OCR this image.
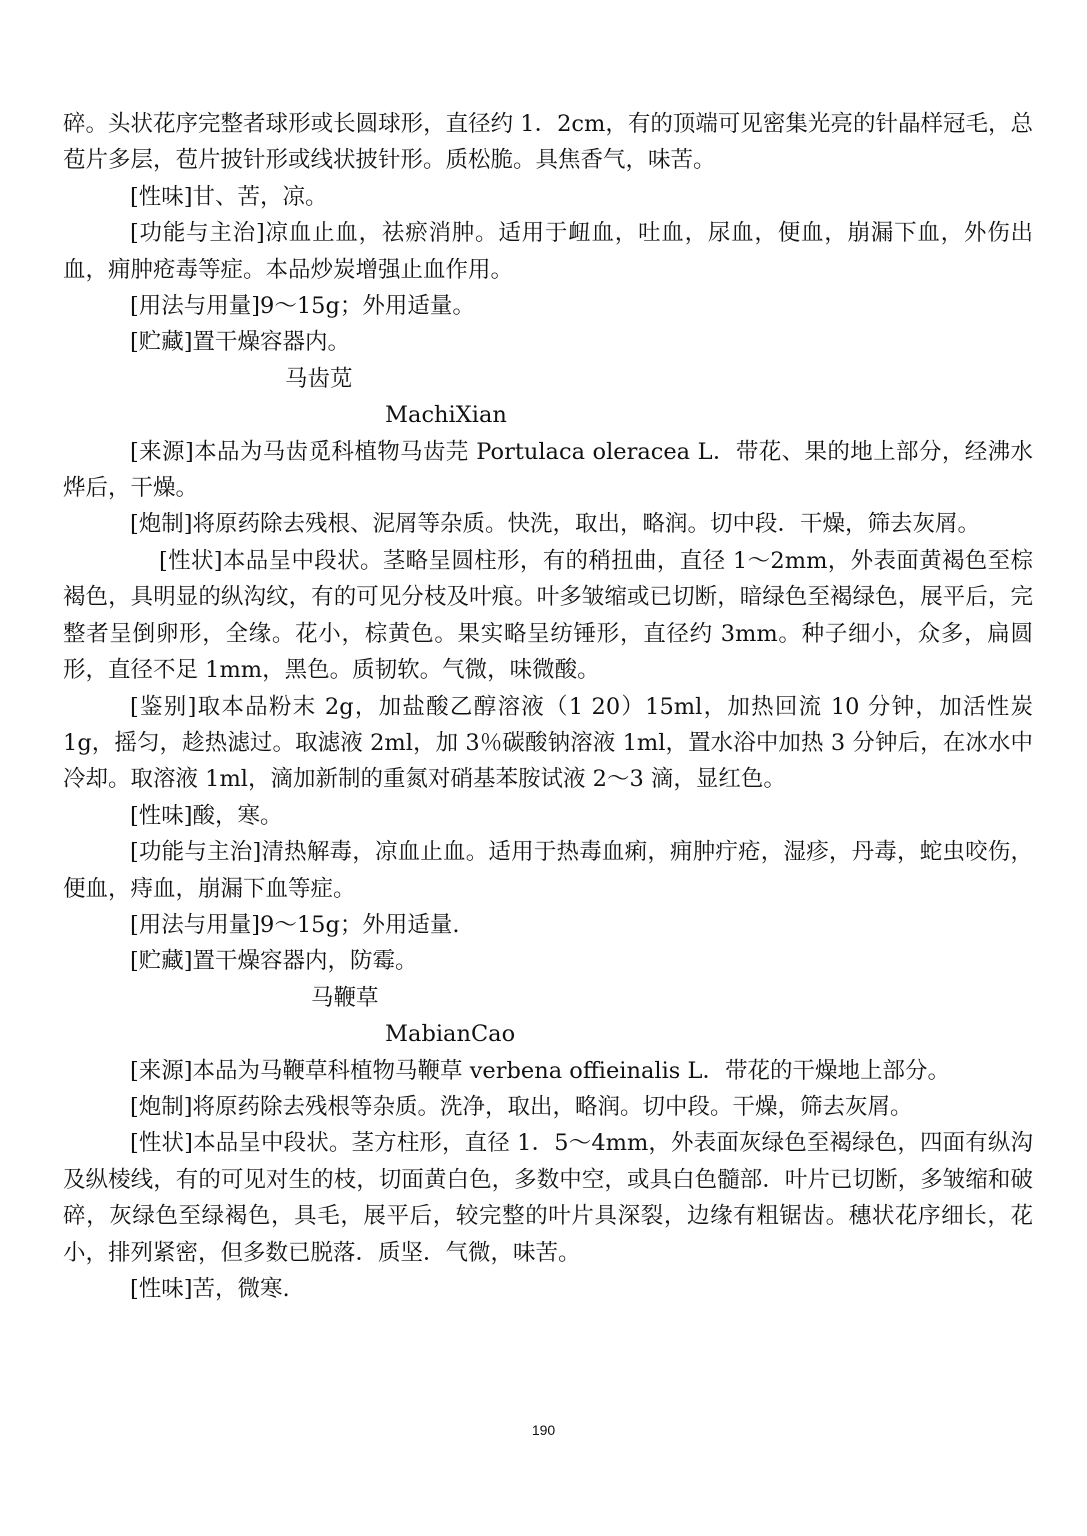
碎。头状花序完整者球形或长圆球形，直径约 1．2cm，有的顶端可见密集光亮的针晶样冠毛，总苞片多层，苞片披针形或线状披针形。质松脆。具焦香气，味苦。

[性味]甘、苦，凉。

[功能与主治]凉血止血，祛瘀消肿。适用于衄血，吐血，尿血，便血，崩漏下血，外伤出血，痈肿疮毒等症。本品炒炭增强止血作用。

[用法与用量]9～15g；外用适量。

[贮藏]置干燥容器内。

马齿苋

MachiXian

[来源]本品为马齿觅科植物马齿芫 Portulaca oleracea L．带花、果的地上部分，经沸水烨后，干燥。

[炮制]将原药除去残根、泥屑等杂质。快洗，取出，略润。切中段．干燥，筛去灰屑。

[性状]本品呈中段状。茎略呈圆柱形，有的稍扭曲，直径 1～2mm，外表面黄褐色至棕褐色，具明显的纵沟纹，有的可见分枝及叶痕。叶多皱缩或已切断，暗绿色至褐绿色，展平后，完整者呈倒卵形，全缘。花小，棕黄色。果实略呈纺锤形，直径约 3mm。种子细小，众多，扁圆形，直径不足 1mm，黑色。质韧软。气微，味微酸。

[鉴别]取本品粉末 2g，加盐酸乙醇溶液（1 20）15ml，加热回流 10 分钟，加活性炭 1g，摇匀，趁热滤过。取滤液 2ml，加 3％碳酸钠溶液 1ml，置水浴中加热 3 分钟后，在冰水中冷却。取溶液 1ml，滴加新制的重氮对硝基苯胺试液 2～3 滴，显红色。

[性味]酸，寒。

[功能与主治]清热解毒，凉血止血。适用于热毒血痢，痈肿疔疮，湿疹，丹毒，蛇虫咬伤，便血，痔血，崩漏下血等症。

[用法与用量]9～15g；外用适量.

[贮藏]置干燥容器内，防霉。

马鞭草

MabianCao

[来源]本品为马鞭草科植物马鞭草 verbena offieinalis L．带花的干燥地上部分。

[炮制]将原药除去残根等杂质。洗净，取出，略润。切中段。干燥，筛去灰屑。

[性状]本品呈中段状。茎方柱形，直径 1．5～4mm，外表面灰绿色至褐绿色，四面有纵沟及纵棱线，有的可见对生的枝，切面黄白色，多数中空，或具白色髓部．叶片已切断，多皱缩和破碎，灰绿色至绿褐色，具毛，展平后，较完整的叶片具深裂，边缘有粗锯齿。穗状花序细长，花小，排列紧密，但多数已脱落．质坚．气微，味苦。

[性味]苦，微寒.

190
